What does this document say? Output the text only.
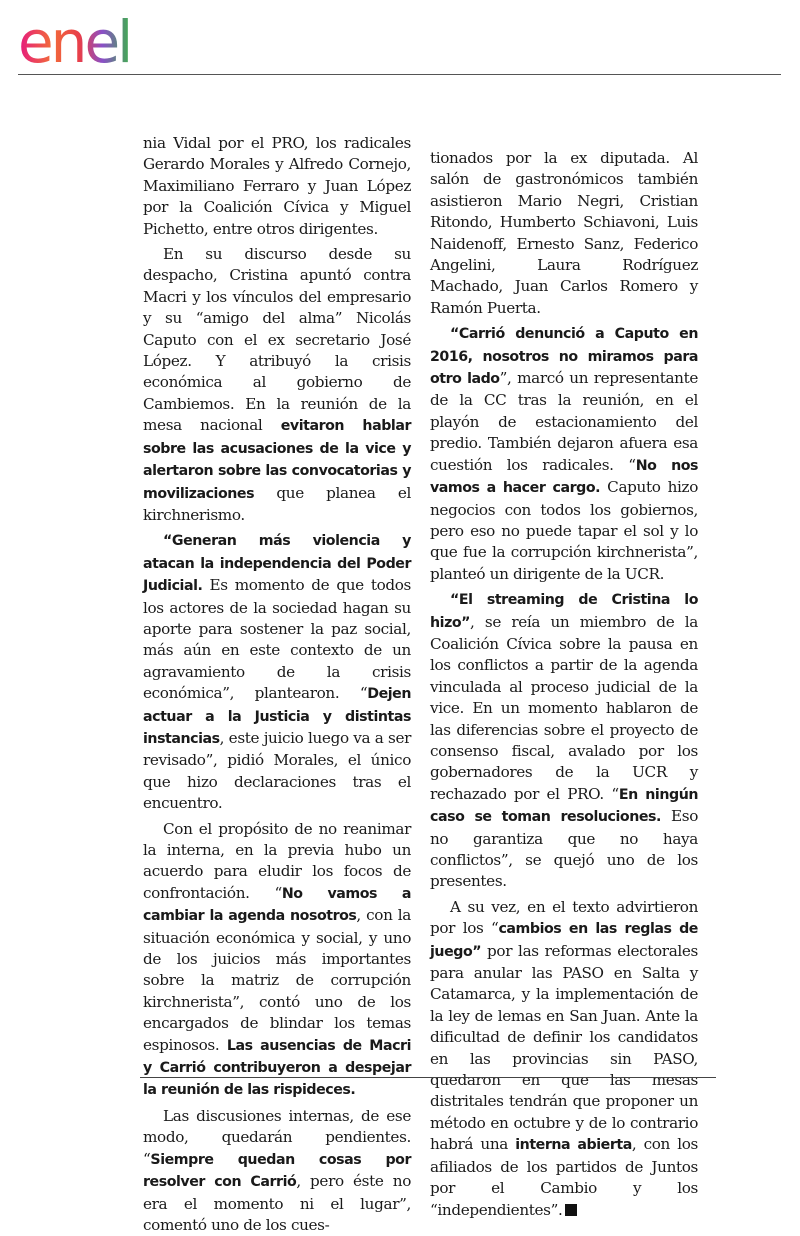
enel

nia Vidal por el PRO, los radicales Gerardo Morales y Alfredo Cornejo, Maximiliano Ferraro y Juan López por la Coalición Cívica y Miguel Pichetto, entre otros dirigentes.

En su discurso desde su despacho, Cristina apuntó contra Macri y los vínculos del empresario y su “amigo del alma” Nicolás Caputo con el ex secretario José López. Y atribuyó la crisis económica al gobierno de Cambiemos. En la reunión de la mesa nacional evitaron hablar sobre las acusaciones de la vice y alertaron sobre las convocatorias y movilizaciones que planea el kirchnerismo.

“Generan más violencia y atacan la independencia del Poder Judicial. Es momento de que todos los actores de la sociedad hagan su aporte para sostener la paz social, más aún en este contexto de un agravamiento de la crisis económica”, plantearon. “Dejen actuar a la Justicia y distintas instancias, este juicio luego va a ser revisado”, pidió Morales, el único que hizo declaraciones tras el encuentro.

Con el propósito de no reanimar la interna, en la previa hubo un acuerdo para eludir los focos de confrontación. “No vamos a cambiar la agenda nosotros, con la situación económica y social, y uno de los juicios más importantes sobre la matriz de corrupción kirchnerista”, contó uno de los encargados de blindar los temas espinosos. Las ausencias de Macri y Carrió contribuyeron a despejar la reunión de las rispideces.

Las discusiones internas, de ese modo, quedarán pendientes. “Siempre quedan cosas por resolver con Carrió, pero éste no era el momento ni el lugar”, comentó uno de los cues-

tionados por la ex diputada. Al salón de gastronómicos también asistieron Mario Negri, Cristian Ritondo, Humberto Schiavoni, Luis Naidenoff, Ernesto Sanz, Federico Angelini, Laura Rodríguez Machado, Juan Carlos Romero y Ramón Puerta.

“Carrió denunció a Caputo en 2016, nosotros no miramos para otro lado”, marcó un representante de la CC tras la reunión, en el playón de estacionamiento del predio. También dejaron afuera esa cuestión los radicales. “No nos vamos a hacer cargo. Caputo hizo negocios con todos los gobiernos, pero eso no puede tapar el sol y lo que fue la corrupción kirchnerista”, planteó un dirigente de la UCR.

“El streaming de Cristina lo hizo”, se reía un miembro de la Coalición Cívica sobre la pausa en los conflictos a partir de la agenda vinculada al proceso judicial de la vice. En un momento hablaron de las diferencias sobre el proyecto de consenso fiscal, avalado por los gobernadores de la UCR y rechazado por el PRO. “En ningún caso se toman resoluciones. Eso no garantiza que no haya conflictos”, se quejó uno de los presentes.

A su vez, en el texto advirtieron por los “cambios en las reglas de juego” por las reformas electorales para anular las PASO en Salta y Catamarca, y la implementación de la ley de lemas en San Juan. Ante la dificultad de definir los candidatos en las provincias sin PASO, quedaron en que las mesas distritales tendrán que proponer un método en octubre y de lo contrario habrá una interna abierta, con los afiliados de los partidos de Juntos por el Cambio y los “independientes”.
